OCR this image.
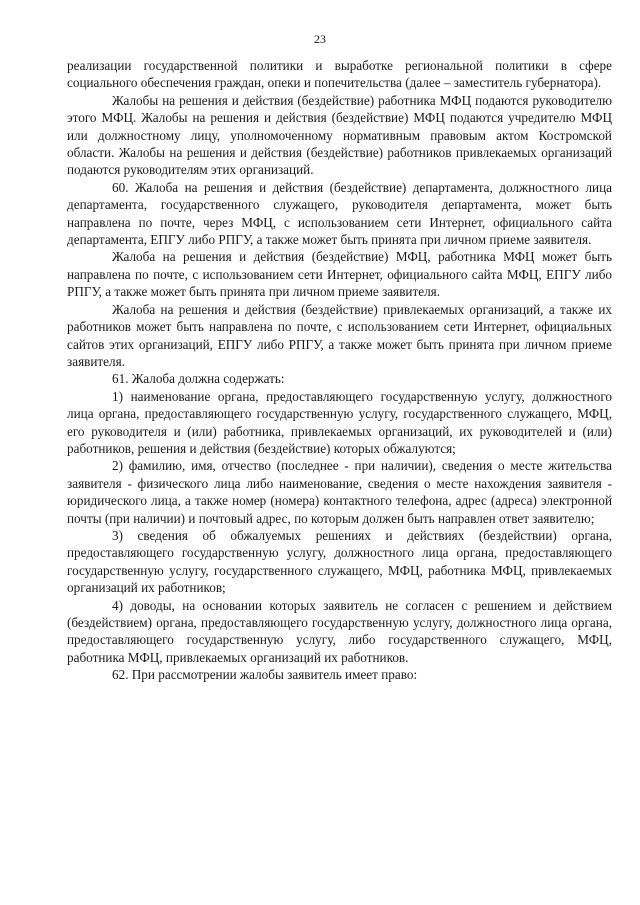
23

реализации государственной политики и выработке региональной политики в сфере социального обеспечения граждан, опеки и попечительства (далее – заместитель губернатора).

Жалобы на решения и действия (бездействие) работника МФЦ подаются руководителю этого МФЦ. Жалобы на решения и действия (бездействие) МФЦ подаются учредителю МФЦ или должностному лицу, уполномоченному нормативным правовым актом Костромской области. Жалобы на решения и действия (бездействие) работников привлекаемых организаций подаются руководителям этих организаций.

60. Жалоба на решения и действия (бездействие) департамента, должностного лица департамента, государственного служащего, руководителя департамента, может быть направлена по почте, через МФЦ, с использованием сети Интернет, официального сайта департамента, ЕПГУ либо РПГУ, а также может быть принята при личном приеме заявителя.

Жалоба на решения и действия (бездействие) МФЦ, работника МФЦ может быть направлена по почте, с использованием сети Интернет, официального сайта МФЦ, ЕПГУ либо РПГУ, а также может быть принята при личном приеме заявителя.

Жалоба на решения и действия (бездействие) привлекаемых организаций, а также их работников может быть направлена по почте, с использованием сети Интернет, официальных сайтов этих организаций, ЕПГУ либо РПГУ, а также может быть принята при личном приеме заявителя.

61. Жалоба должна содержать:

1) наименование органа, предоставляющего государственную услугу, должностного лица органа, предоставляющего государственную услугу, государственного служащего, МФЦ, его руководителя и (или) работника, привлекаемых организаций, их руководителей и (или) работников, решения и действия (бездействие) которых обжалуются;

2) фамилию, имя, отчество (последнее - при наличии), сведения о месте жительства заявителя - физического лица либо наименование, сведения о месте нахождения заявителя - юридического лица, а также номер (номера) контактного телефона, адрес (адреса) электронной почты (при наличии) и почтовый адрес, по которым должен быть направлен ответ заявителю;

3) сведения об обжалуемых решениях и действиях (бездействии) органа, предоставляющего государственную услугу, должностного лица органа, предоставляющего государственную услугу, государственного служащего, МФЦ, работника МФЦ, привлекаемых организаций их работников;

4) доводы, на основании которых заявитель не согласен с решением и действием (бездействием) органа, предоставляющего государственную услугу, должностного лица органа, предоставляющего государственную услугу, либо государственного служащего, МФЦ, работника МФЦ, привлекаемых организаций их работников.

62. При рассмотрении жалобы заявитель имеет право:
